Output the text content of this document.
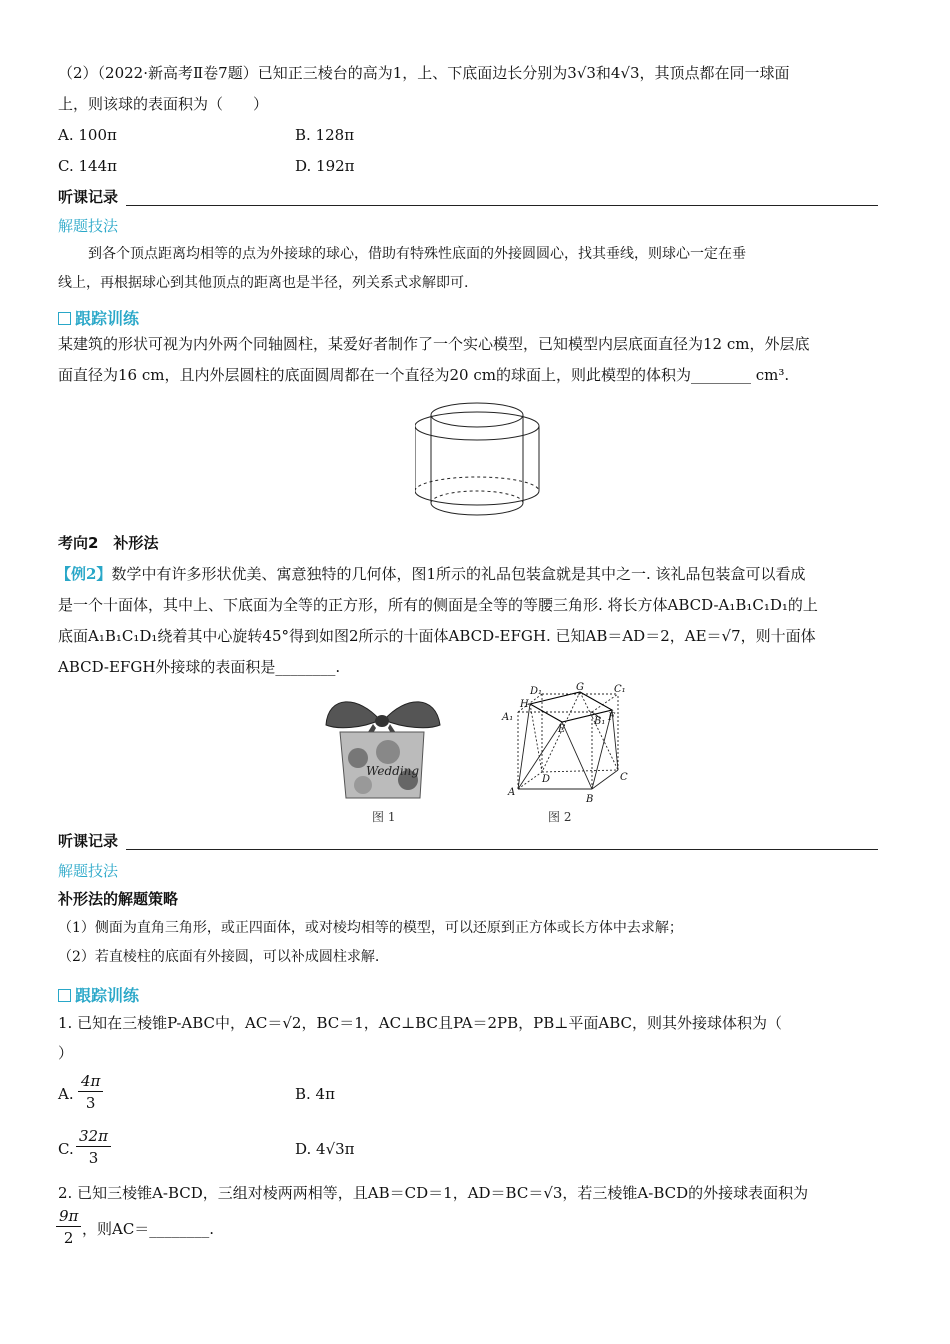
（2）（2022·新高考Ⅱ卷7题）已知正三棱台的高为1，上、下底面边长分别为3√3和4√3，其顶点都在同一球面
上，则该球的表面积为（　　）
A. 100π	B. 128π
C. 144π	D. 192π
听课记录
解题技法
到各个顶点距离均相等的点为外接球的球心，借助有特殊性底面的外接圆圆心，找其垂线，则球心一定在垂
线上，再根据球心到其他顶点的距离也是半径，列关系式求解即可.
跟踪训练
某建筑的形状可视为内外两个同轴圆柱，某爱好者制作了一个实心模型，已知模型内层底面直径为12 cm，外层底
面直径为16 cm，且内外层圆柱的底面圆周都在一个直径为20 cm的球面上，则此模型的体积为________ cm³.
考向2　补形法
【例2】数学中有许多形状优美、寓意独特的几何体，图1所示的礼品包装盒就是其中之一. 该礼品包装盒可以看成
是一个十面体，其中上、下底面为全等的正方形，所有的侧面是全等的等腰三角形. 将长方体ABCD-A₁B₁C₁D₁的上
底面A₁B₁C₁D₁绕着其中心旋转45°得到如图2所示的十面体ABCD-EFGH. 已知AB＝AD＝2，AE＝√7，则十面体
ABCD-EFGH外接球的表面积是________.
Wedding
图 1
D₁	G	C₁
H
A₁
E
B₁ F
D	C
A
B
图 2
听课记录
解题技法
补形法的解题策略
（1）侧面为直角三角形，或正四面体，或对棱均相等的模型，可以还原到正方体或长方体中去求解；
（2）若直棱柱的底面有外接圆，可以补成圆柱求解.
跟踪训练
1. 已知在三棱锥P-ABC中，AC＝√2，BC＝1，AC⊥BC且PA＝2PB，PB⊥平面ABC，则其外接球体积为（
）
A. $\frac{4\pi}{3}$	B. 4π
C. $\frac{32\pi}{3}$	D. 4√3π
2. 已知三棱锥A-BCD，三组对棱两两相等，且AB＝CD＝1，AD＝BC＝√3，若三棱锥A-BCD的外接球表面积为
$\frac{9\pi}{2}$ ，则AC＝________.
